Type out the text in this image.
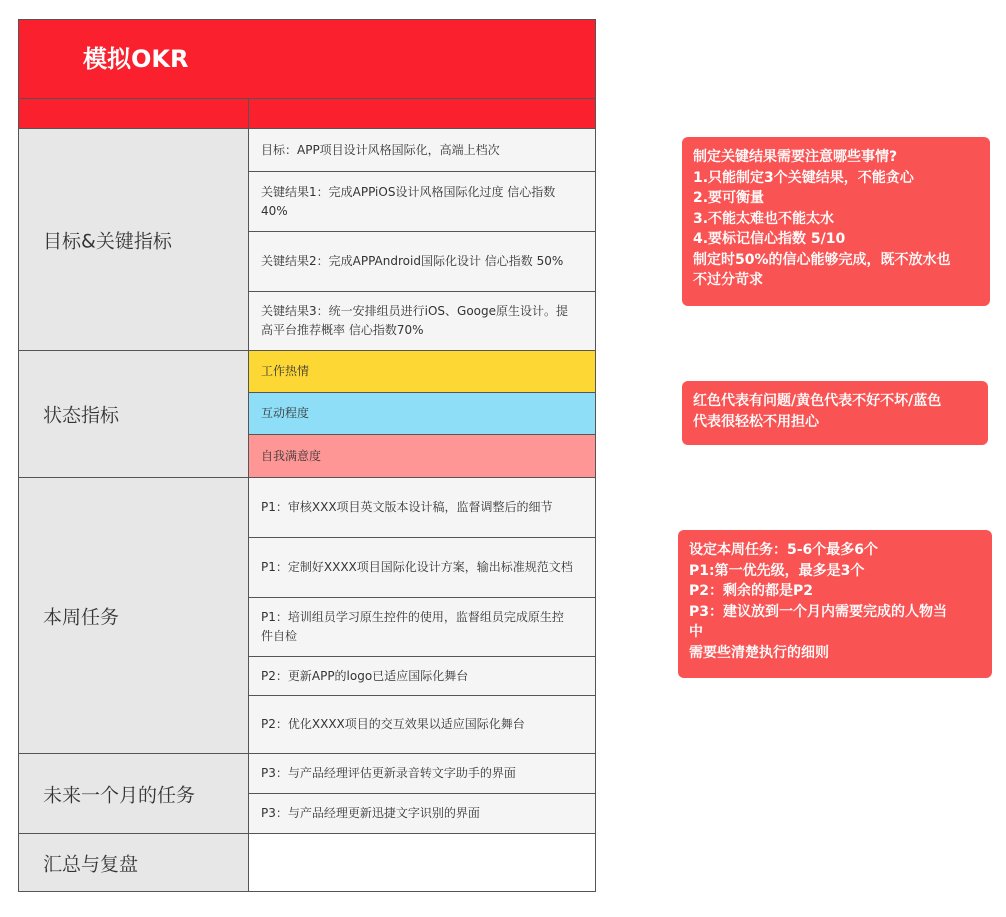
模拟OKR
目标&关键指标
目标：APP项目设计风格国际化，高端上档次
关键结果1：完成APPiOS设计风格国际化过度 信心指数40%
关键结果2：完成APPAndroid国际化设计 信心指数 50%
关键结果3：统一安排组员进行iOS、Googe原生设计。提高平台推荐概率 信心指数70%
状态指标
工作热情
互动程度
自我满意度
本周任务
P1：审核XXX项目英文版本设计稿，监督调整后的细节
P1：定制好XXXX项目国际化设计方案，输出标准规范文档
P1：培训组员学习原生控件的使用，监督组员完成原生控件自检
P2：更新APP的logo已适应国际化舞台
P2：优化XXXX项目的交互效果以适应国际化舞台
未来一个月的任务
P3：与产品经理评估更新录音转文字助手的界面
P3：与产品经理更新迅捷文字识别的界面
汇总与复盘
制定关键结果需要注意哪些事情?
1.只能制定3个关键结果，不能贪心
2.要可衡量
3.不能太难也不能太水
4.要标记信心指数 5/10
制定时50%的信心能够完成，既不放水也
不过分苛求
红色代表有问题/黄色代表不好不坏/蓝色
代表很轻松不用担心
设定本周任务：5-6个最多6个
P1:第一优先级，最多是3个
P2：剩余的都是P2
P3：建议放到一个月内需要完成的人物当
中
需要些清楚执行的细则
